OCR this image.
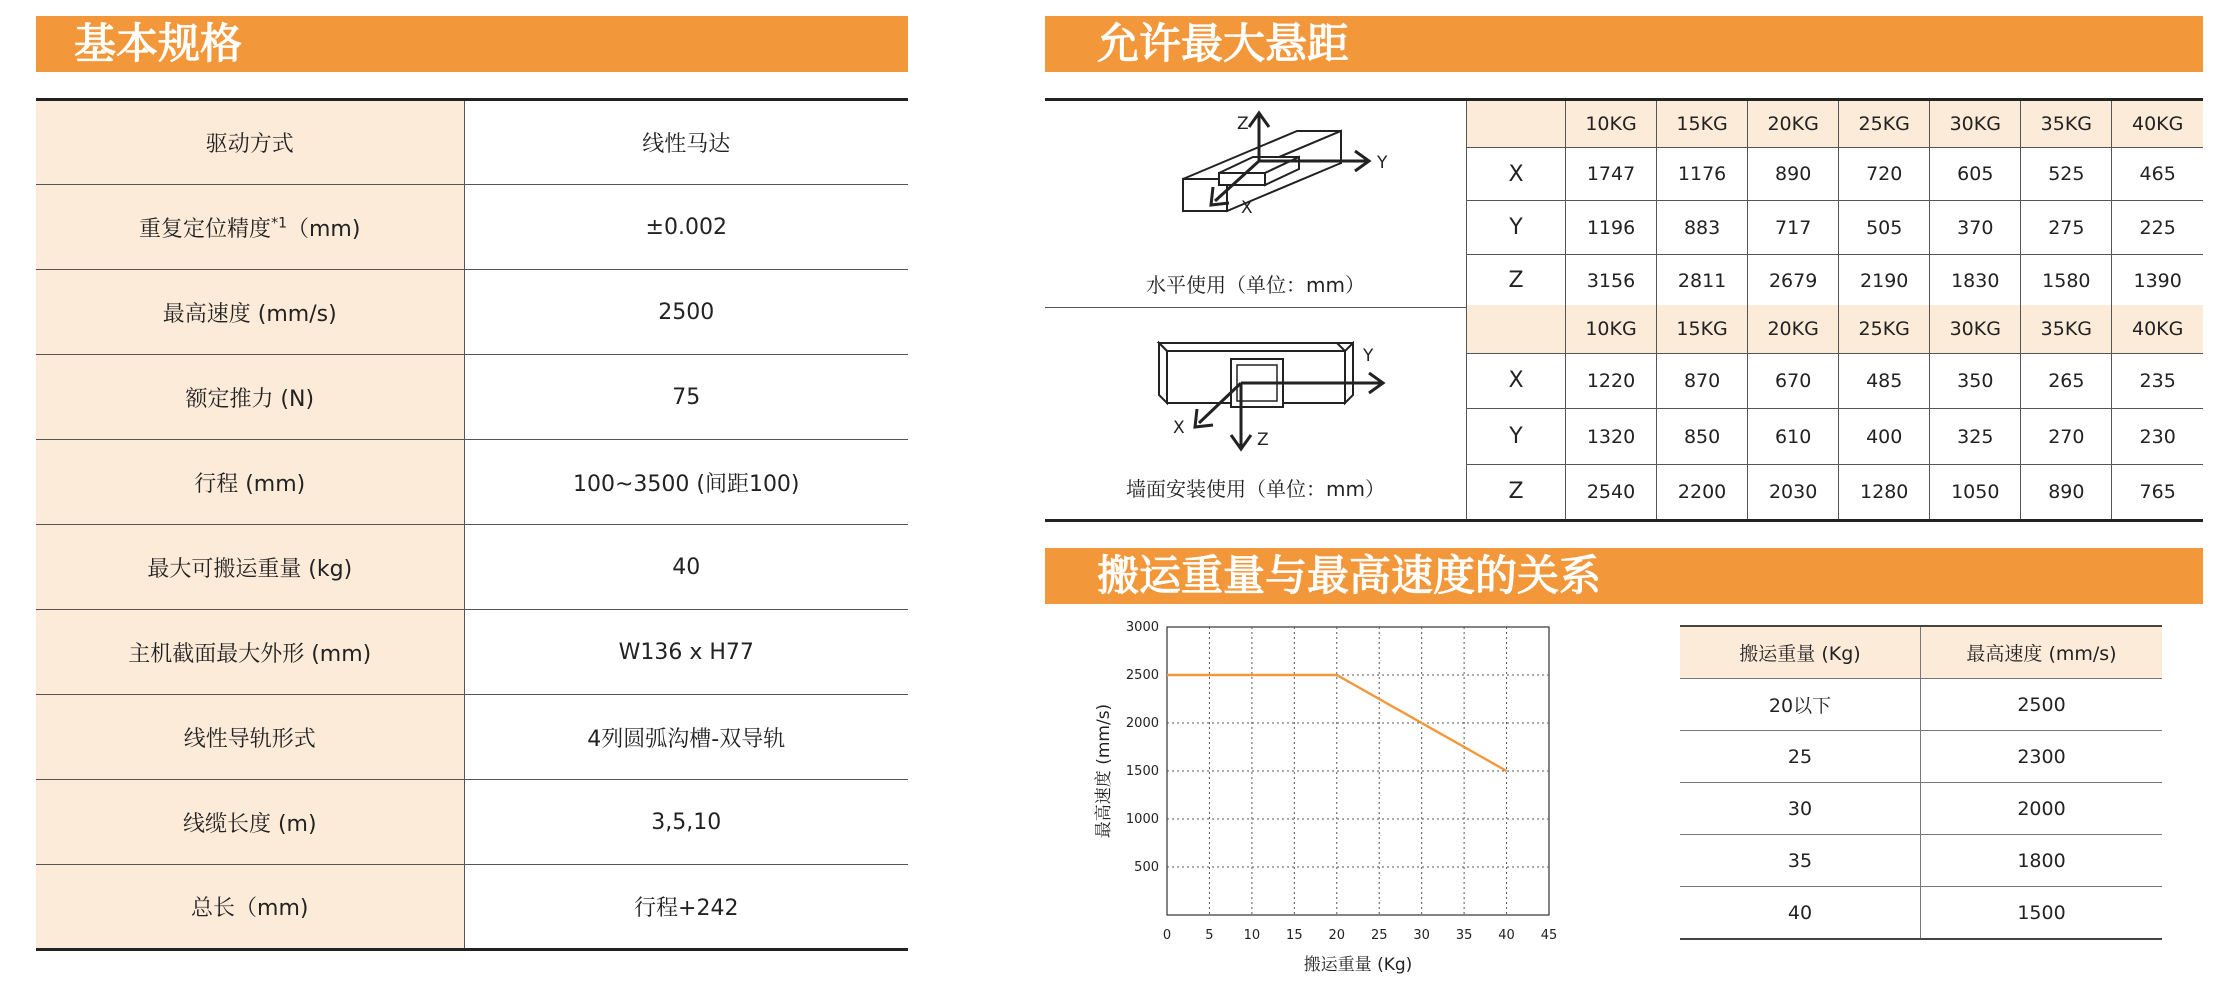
基本规格
驱动方式	线性马达
重复定位精度$^{*1}$（mm)	±0.002
最高速度 (mm/s)	2500
额定推力 (N)	75
行程 (mm)	100~3500 (间距100)
最大可搬运重量 (kg)	40
主机截面最大外形 (mm)	W136 x H77
线性导轨形式	4列圆弧沟槽-双导轨
线缆长度 (m)	3,5,10
总长（mm)	行程+242
允许最大悬距
Z
Y
X
水平使用（单位：mm）
	10KG	15KG	20KG	25KG	30KG	35KG	40KG
X	1747	1176	890	720	605	525	465
Y	1196	883	717	505	370	275	225
Z	3156	2811	2679	2190	1830	1580	1390
Y
Z
X
墙面安装使用（单位：mm）
	10KG	15KG	20KG	25KG	30KG	35KG	40KG
X	1220	870	670	485	350	265	235
Y	1320	850	610	400	325	270	230
Z	2540	2200	2030	1280	1050	890	765
搬运重量与最高速度的关系
0	5 10 15 20 25 30 35 40 45
500
1000
1500
2000
2500
3000
搬运重量 (Kg)
最高速度 (mm/s)
搬运重量 (Kg)	最高速度 (mm/s)
20以下	2500
25	2300
30	2000
35	1800
40	1500
